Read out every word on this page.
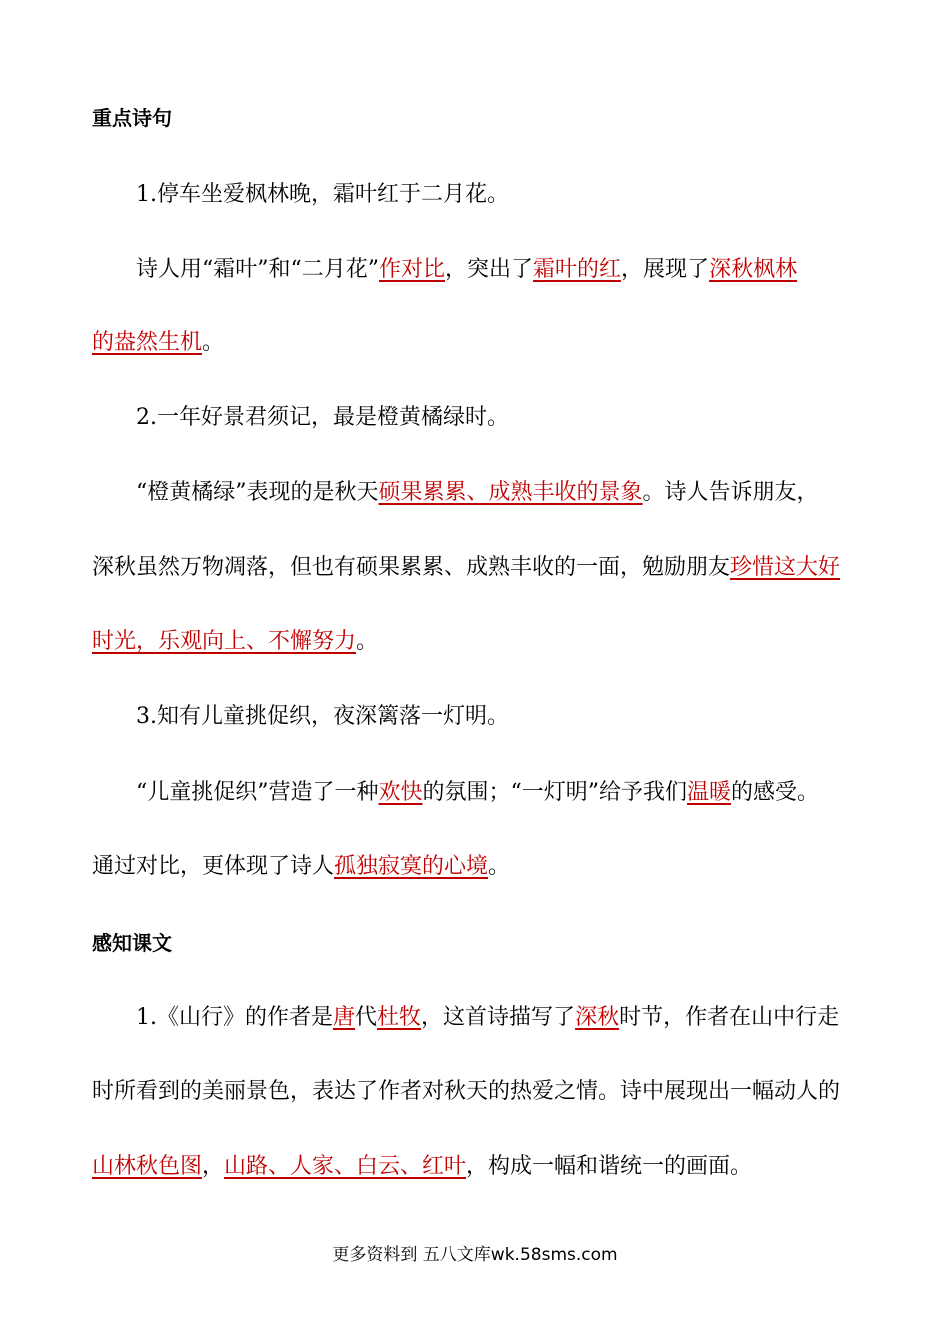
重点诗句
1.停车坐爱枫林晚，霜叶红于二月花。
诗人用“霜叶”和“二月花”作对比，突出了霜叶的红，展现了深秋枫林
的盎然生机。
2.一年好景君须记，最是橙黄橘绿时。
“橙黄橘绿”表现的是秋天硕果累累、成熟丰收的景象。诗人告诉朋友，
深秋虽然万物凋落，但也有硕果累累、成熟丰收的一面，勉励朋友珍惜这大好
时光，乐观向上、不懈努力。
3.知有儿童挑促织，夜深篱落一灯明。
“儿童挑促织”营造了一种欢快的氛围；“一灯明”给予我们温暖的感受。
通过对比，更体现了诗人孤独寂寞的心境。
感知课文
1.《山行》的作者是唐代杜牧，这首诗描写了深秋时节，作者在山中行走
时所看到的美丽景色，表达了作者对秋天的热爱之情。诗中展现出一幅动人的
山林秋色图，山路、人家、白云、红叶，构成一幅和谐统一的画面。
更多资料到 五八文库wk.58sms.com
